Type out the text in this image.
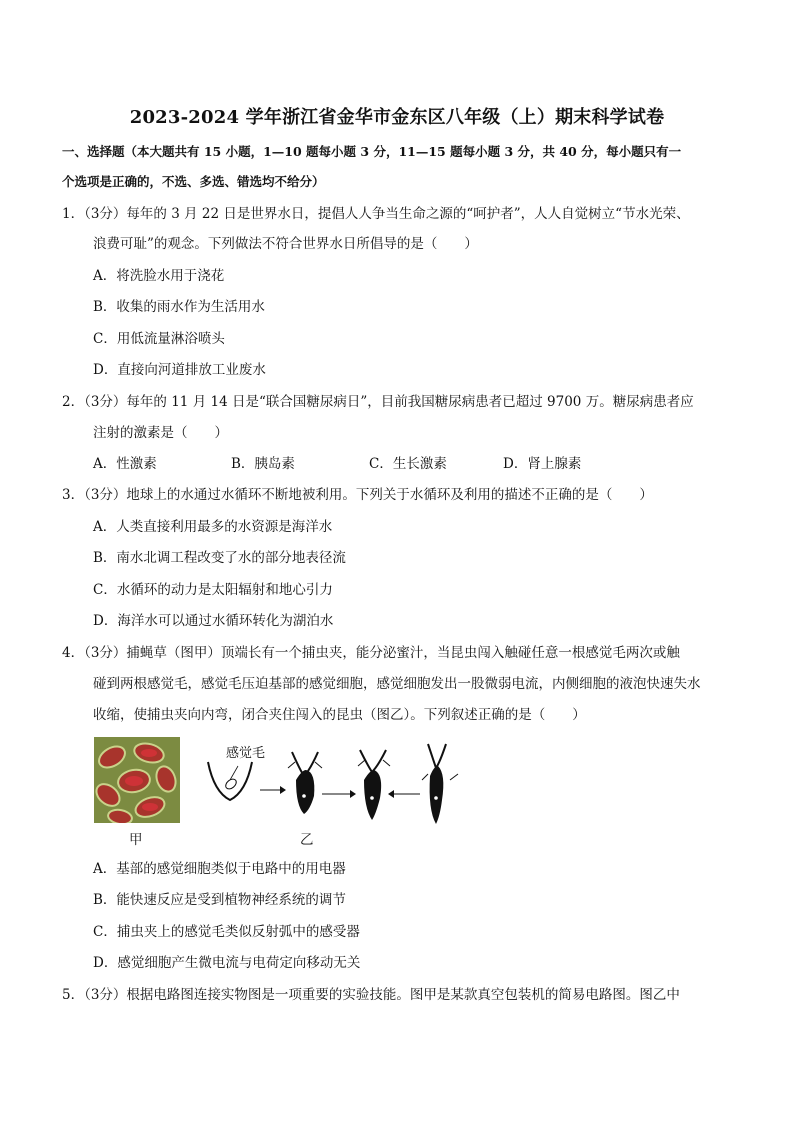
2023-2024 学年浙江省金华市金东区八年级（上）期末科学试卷
一、选择题（本大题共有 15 小题，1—10 题每小题 3 分，11—15 题每小题 3 分，共 40 分，每小题只有一
个选项是正确的，不选、多选、错选均不给分）
1．（3分）每年的 3 月 22 日是世界水日，提倡人人争当生命之源的“呵护者”，人人自觉树立“节水光荣、
浪费可耻”的观念。下列做法不符合世界水日所倡导的是（　　）
A．将洗脸水用于浇花
B．收集的雨水作为生活用水
C．用低流量淋浴喷头
D．直接向河道排放工业废水
2．（3分）每年的 11 月 14 日是“联合国糖尿病日”，目前我国糖尿病患者已超过 9700 万。糖尿病患者应
注射的激素是（　　）
A．性激素	B．胰岛素	C．生长激素	D．肾上腺素
3．（3分）地球上的水通过水循环不断地被利用。下列关于水循环及利用的描述不正确的是（　　）
A．人类直接利用最多的水资源是海洋水
B．南水北调工程改变了水的部分地表径流
C．水循环的动力是太阳辐射和地心引力
D．海洋水可以通过水循环转化为湖泊水
4．（3分）捕蝇草（图甲）顶端长有一个捕虫夹，能分泌蜜汁，当昆虫闯入触碰任意一根感觉毛两次或触
碰到两根感觉毛，感觉毛压迫基部的感觉细胞，感觉细胞发出一股微弱电流，内侧细胞的液泡快速失水
收缩，使捕虫夹向内弯，闭合夹住闯入的昆虫（图乙）。下列叙述正确的是（　　）
甲
感觉毛
乙
A．基部的感觉细胞类似于电路中的用电器
B．能快速反应是受到植物神经系统的调节
C．捕虫夹上的感觉毛类似反射弧中的感受器
D．感觉细胞产生微电流与电荷定向移动无关
5．（3分）根据电路图连接实物图是一项重要的实验技能。图甲是某款真空包装机的简易电路图。图乙中
